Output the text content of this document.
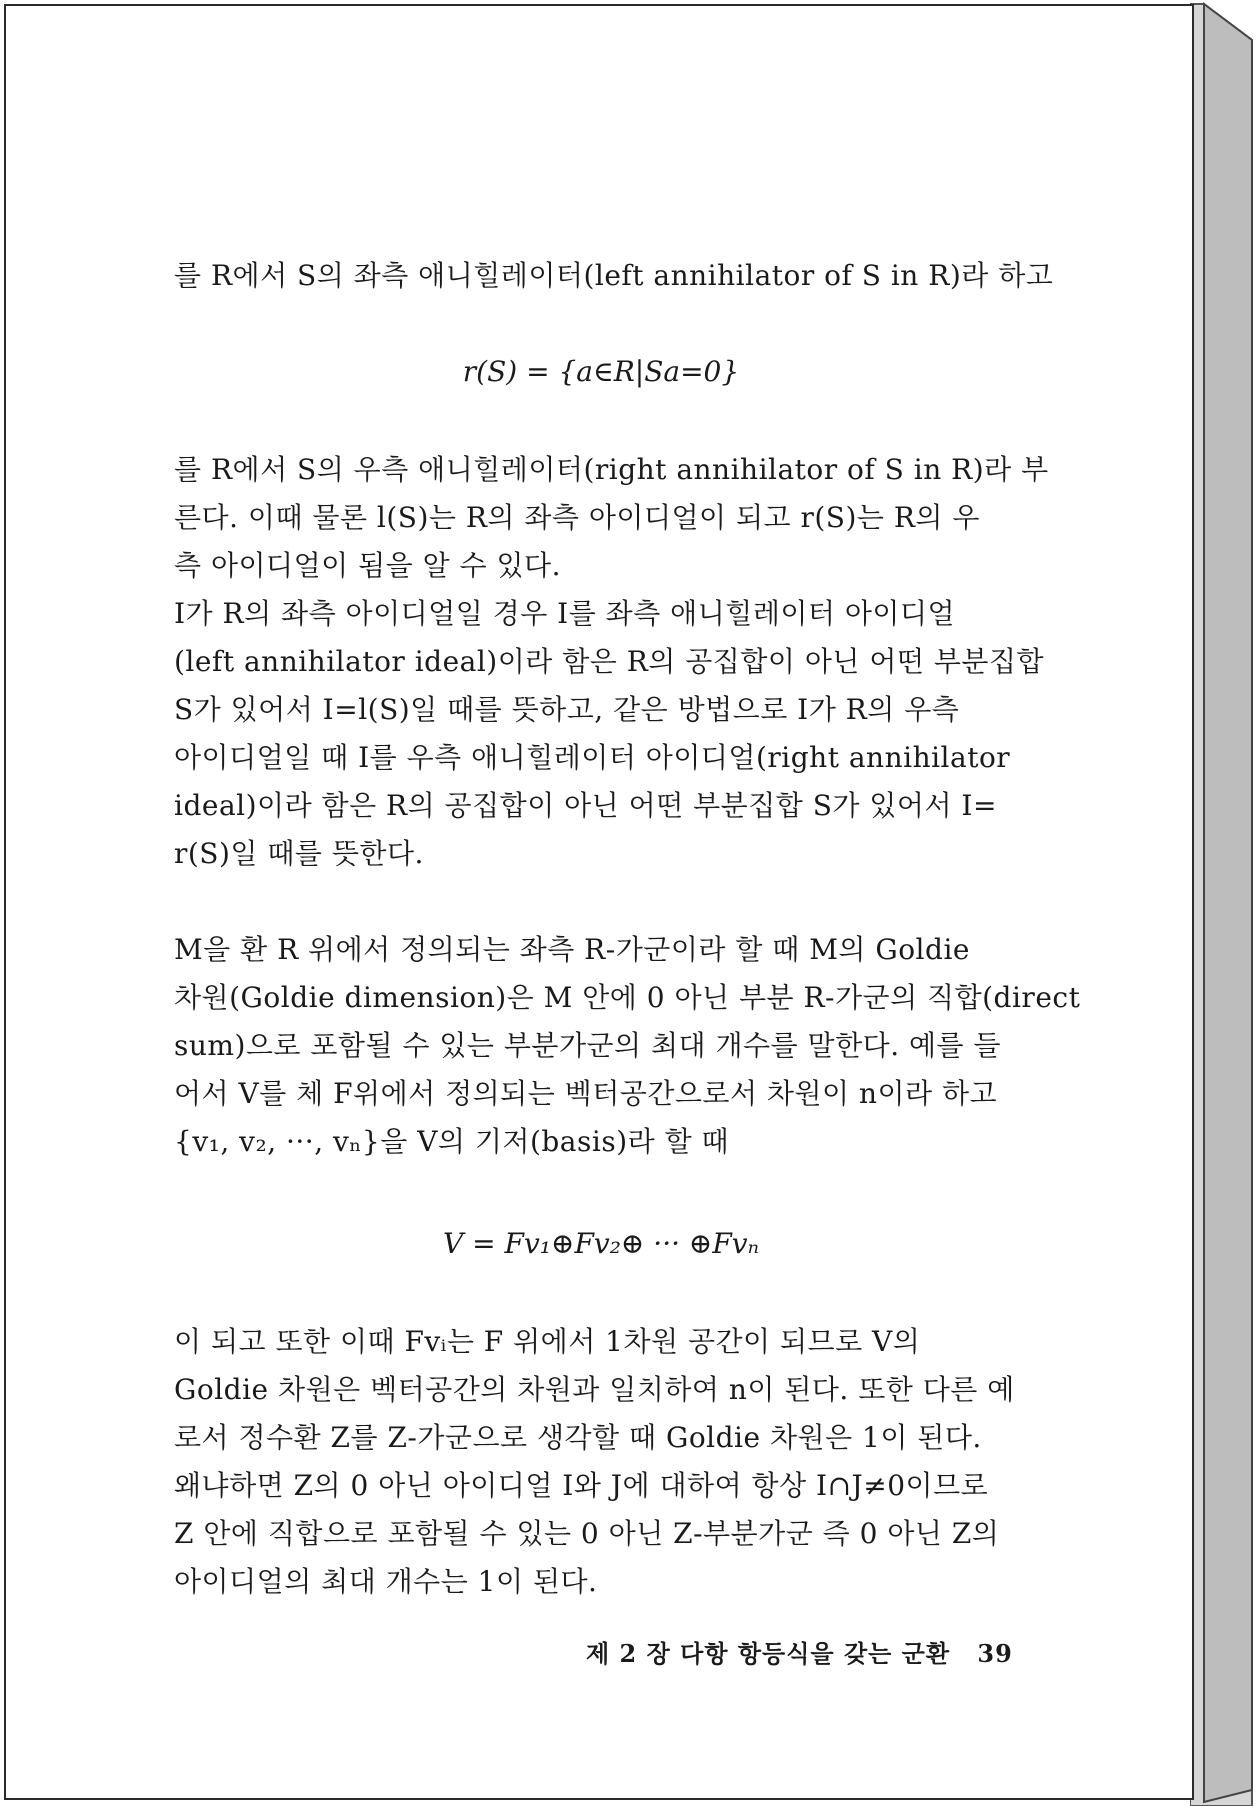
를 R에서 S의 좌측 애니힐레이터(left annihilator of S in R)라 하고
r(S) = {a∈R|Sa=0}
를 R에서 S의 우측 애니힐레이터(right annihilator of S in R)라 부
른다. 이때 물론 l(S)는 R의 좌측 아이디얼이 되고 r(S)는 R의 우
측 아이디얼이 됨을 알 수 있다.
I가 R의 좌측 아이디얼일 경우 I를 좌측 애니힐레이터 아이디얼
(left annihilator ideal)이라 함은 R의 공집합이 아닌 어떤 부분집합
S가 있어서 I=l(S)일 때를 뜻하고, 같은 방법으로 I가 R의 우측
아이디얼일 때 I를 우측 애니힐레이터 아이디얼(right annihilator
ideal)이라 함은 R의 공집합이 아닌 어떤 부분집합 S가 있어서 I=
r(S)일 때를 뜻한다.
M을 환 R 위에서 정의되는 좌측 R-가군이라 할 때 M의 Goldie
차원(Goldie dimension)은 M 안에 0 아닌 부분 R-가군의 직합(direct
sum)으로 포함될 수 있는 부분가군의 최대 개수를 말한다. 예를 들
어서 V를 체 F위에서 정의되는 벡터공간으로서 차원이 n이라 하고
{v₁, v₂, ···, vₙ}을 V의 기저(basis)라 할 때
V = Fv₁⊕Fv₂⊕ ··· ⊕Fvₙ
이 되고 또한 이때 Fvᵢ는 F 위에서 1차원 공간이 되므로 V의
Goldie 차원은 벡터공간의 차원과 일치하여 n이 된다. 또한 다른 예
로서 정수환 Z를 Z-가군으로 생각할 때 Goldie 차원은 1이 된다.
왜냐하면 Z의 0 아닌 아이디얼 I와 J에 대하여 항상 I∩J≠0이므로
Z 안에 직합으로 포함될 수 있는 0 아닌 Z-부분가군 즉 0 아닌 Z의
아이디얼의 최대 개수는 1이 된다.
제 2 장 다항 항등식을 갖는 군환 39
